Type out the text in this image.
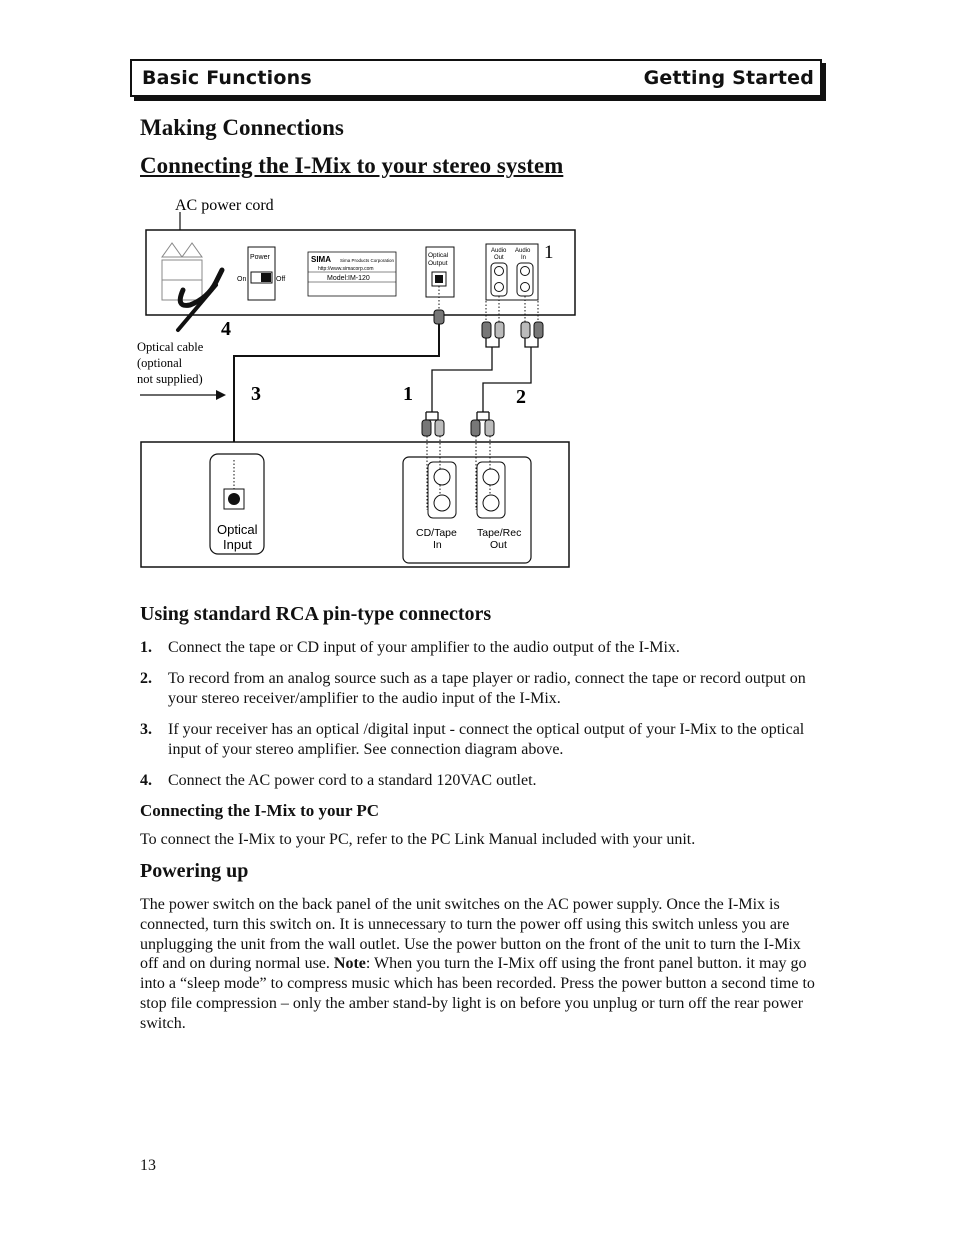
Basic Functions	Getting Started
Making Connections
Connecting the I-Mix to your stereo system
AC power cord
Power
On	Off
SIMA Sima Products Corporation
http://www.simacorp.com
Model:IM-120
Optical
Output
Audio
Out
Audio
In 1
Optical cable
(optional
not supplied)
4
3	1	2
Optical
Input
CD/Tape
In
Tape/Rec
Out
Using standard RCA pin-type connectors
1. Connect the tape or CD input of your amplifier to the audio output of the I-Mix.
2. To record from an analog source such as a tape player or radio, connect the tape or record output on your stereo receiver/amplifier to the audio input of the I-Mix.
3. If your receiver has an optical /digital input - connect the optical output of your I-Mix to the optical input of your stereo amplifier. See connection diagram above.
4. Connect the AC power cord to a standard 120VAC outlet.
Connecting the I-Mix to your PC

To connect the I-Mix to your PC, refer to the PC Link Manual included with your unit.

Powering up

The power switch on the back panel of the unit switches on the AC power supply. Once the I-Mix is connected, turn this switch on. It is unnecessary to turn the power off using this switch unless you are unplugging the unit from the wall outlet. Use the power button on the front of the unit to turn the I-Mix off and on during normal use. Note: When you turn the I-Mix off using the front panel button. it may go into a “sleep mode” to compress music which has been recorded. Press the power button a second time to stop file compression – only the amber stand-by light is on before you unplug or turn off the rear power switch.

13
